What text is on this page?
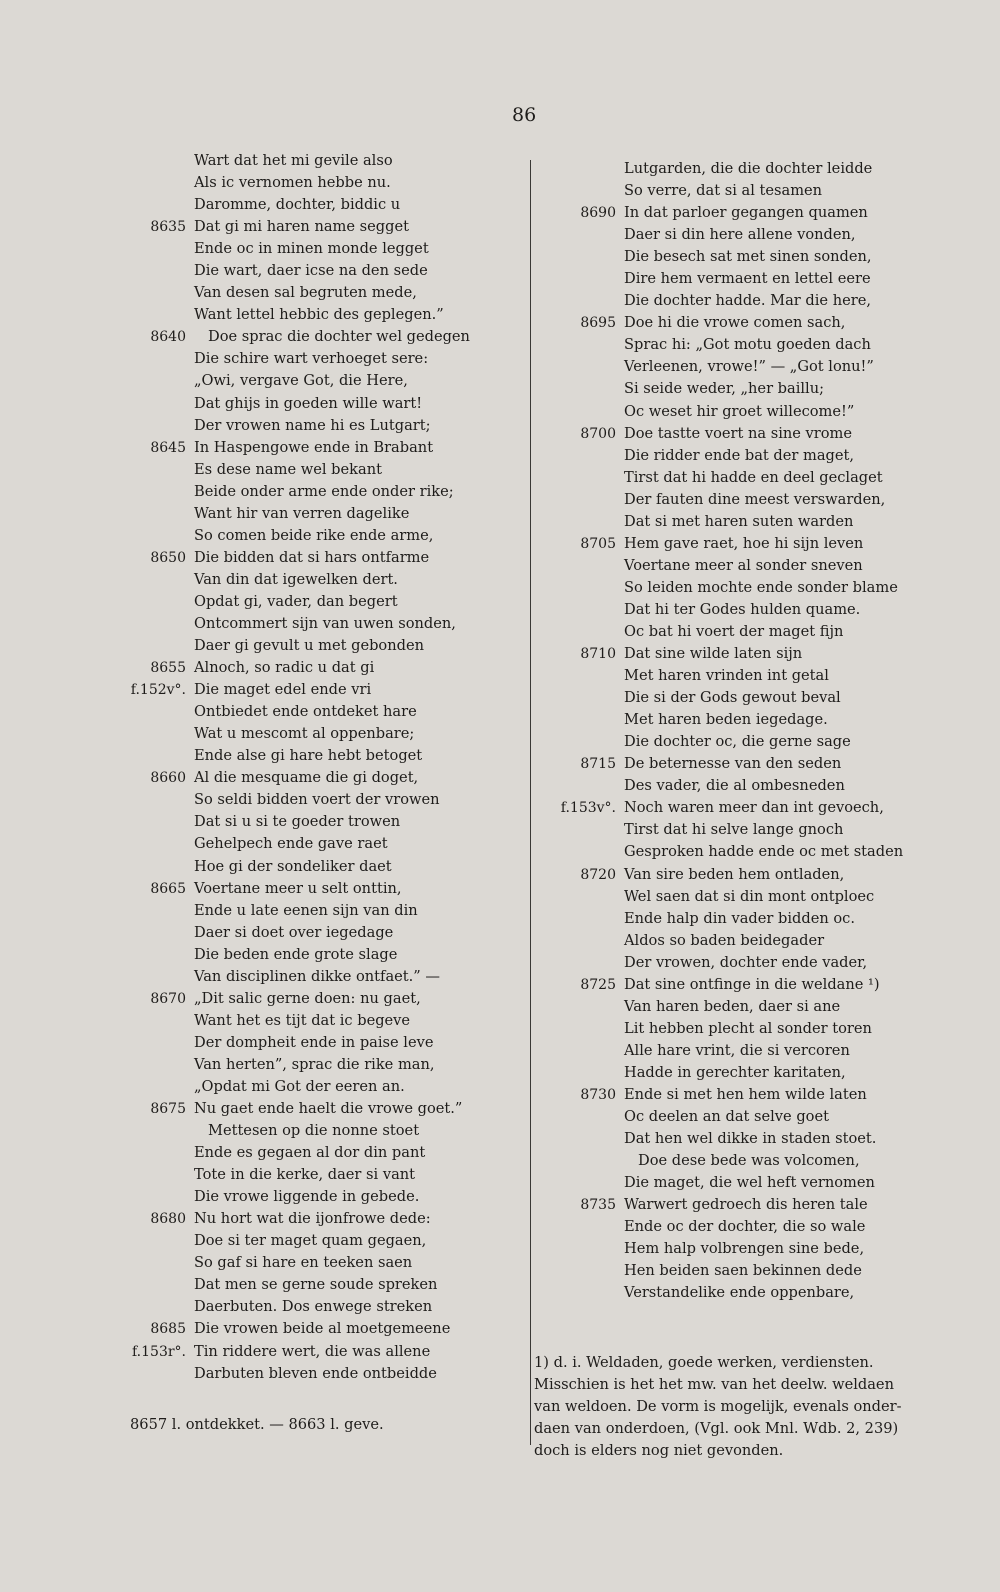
86
Wart dat het mi gevile also
Als ic vernomen hebbe nu.
Daromme, dochter, biddic u
8635 Dat gi mi haren name segget
Ende oc in minen monde legget
Die wart, daer icse na den sede
Van desen sal begruten mede,
Want lettel hebbic des geplegen.”
8640 Doe sprac die dochter wel gedegen
Die schire wart verhoeget sere:
„Owi, vergave Got, die Here,
Dat ghijs in goeden wille wart!
Der vrowen name hi es Lutgart;
8645 In Haspengowe ende in Brabant
Es dese name wel bekant
Beide onder arme ende onder rike;
Want hir van verren dagelike
So comen beide rike ende arme,
8650 Die bidden dat si hars ontfarme
Van din dat igewelken dert.
Opdat gi, vader, dan begert
Ontcommert sijn van uwen sonden,
Daer gi gevult u met gebonden
8655 Alnoch, so radic u dat gi
f.152v°. Die maget edel ende vri
Ontbiedet ende ontdeket hare
Wat u mescomt al oppenbare;
Ende alse gi hare hebt betoget
8660 Al die mesquame die gi doget,
So seldi bidden voert der vrowen
Dat si u si te goeder trowen
Gehelpech ende gave raet
Hoe gi der sondeliker daet
8665 Voertane meer u selt onttin,
Ende u late eenen sijn van din
Daer si doet over iegedage
Die beden ende grote slage
Van disciplinen dikke ontfaet.” —
8670 „Dit salic gerne doen: nu gaet,
Want het es tijt dat ic begeve
Der dompheit ende in paise leve
Van herten”, sprac die rike man,
„Opdat mi Got der eeren an.
8675 Nu gaet ende haelt die vrowe goet.”
Mettesen op die nonne stoet
Ende es gegaen al dor din pant
Tote in die kerke, daer si vant
Die vrowe liggende in gebede.
8680 Nu hort wat die ijonfrowe dede:
Doe si ter maget quam gegaen,
So gaf si hare en teeken saen
Dat men se gerne soude spreken
Daerbuten. Dos enwege streken
8685 Die vrowen beide al moetgemeene
f.153r°. Tin riddere wert, die was allene
Darbuten bleven ende ontbeidde
Lutgarden, die die dochter leidde
So verre, dat si al tesamen
8690 In dat parloer gegangen quamen
Daer si din here allene vonden,
Die besech sat met sinen sonden,
Dire hem vermaent en lettel eere
Die dochter hadde. Mar die here,
8695 Doe hi die vrowe comen sach,
Sprac hi: „Got motu goeden dach
Verleenen, vrowe!” — „Got lonu!”
Si seide weder, „her baillu;
Oc weset hir groet willecome!”
8700 Doe tastte voert na sine vrome
Die ridder ende bat der maget,
Tirst dat hi hadde en deel geclaget
Der fauten dine meest verswarden,
Dat si met haren suten warden
8705 Hem gave raet, hoe hi sijn leven
Voertane meer al sonder sneven
So leiden mochte ende sonder blame
Dat hi ter Godes hulden quame.
Oc bat hi voert der maget fijn
8710 Dat sine wilde laten sijn
Met haren vrinden int getal
Die si der Gods gewout beval
Met haren beden iegedage.
Die dochter oc, die gerne sage
8715 De beternesse van den seden
Des vader, die al ombesneden
f.153v°. Noch waren meer dan int gevoech,
Tirst dat hi selve lange gnoch
Gesproken hadde ende oc met staden
8720 Van sire beden hem ontladen,
Wel saen dat si din mont ontploec
Ende halp din vader bidden oc.
Aldos so baden beidegader
Der vrowen, dochter ende vader,
8725 Dat sine ontfinge in die weldane ¹)
Van haren beden, daer si ane
Lit hebben plecht al sonder toren
Alle hare vrint, die si vercoren
Hadde in gerechter karitaten,
8730 Ende si met hen hem wilde laten
Oc deelen an dat selve goet
Dat hen wel dikke in staden stoet.
Doe dese bede was volcomen,
Die maget, die wel heft vernomen
8735 Warwert gedroech dis heren tale
Ende oc der dochter, die so wale
Hem halp volbrengen sine bede,
Hen beiden saen bekinnen dede
Verstandelike ende oppenbare,
8657 l. ontdekket. — 8663 l. geve.
1) d. i. Weldaden, goede werken, verdiensten.
Misschien is het het mw. van het deelw. weldaen
van weldoen. De vorm is mogelijk, evenals onder-
daen van onderdoen, (Vgl. ook Mnl. Wdb. 2, 239)
doch is elders nog niet gevonden.
